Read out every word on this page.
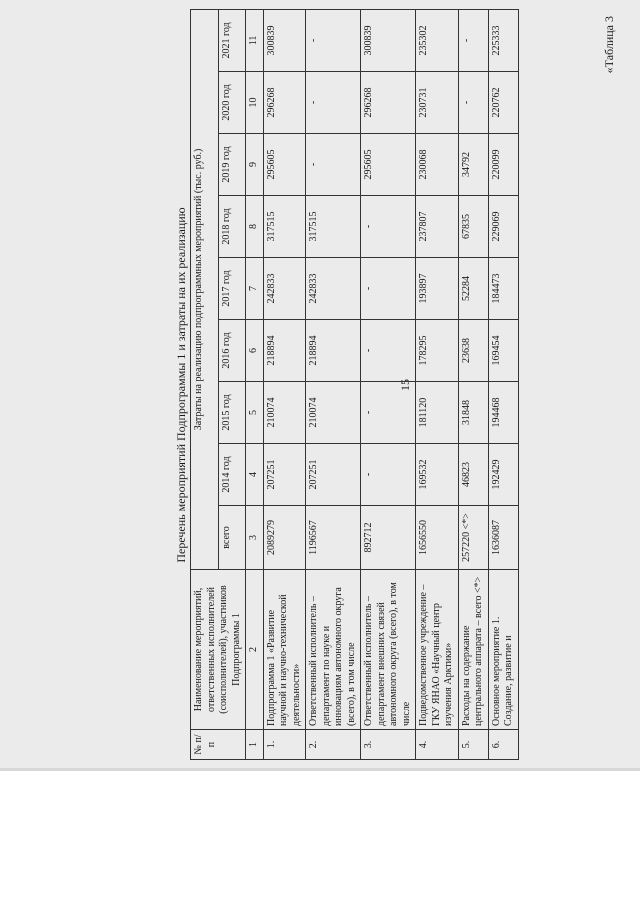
15
«Таблица 3
Перечень мероприятий Подпрограммы 1 и затраты на их реализацию
№ п/п	Наименование мероприятий, ответственных исполнителей (соисполнителей), участников Подпрограммы 1	Затраты на реализацию подпрограммных мероприятий (тыс. руб.)								
		всего	2014 год	2015 год	2016 год	2017 год	2018 год	2019 год	2020 год	2021 год
1	2	3	4	5	6	7	8	9	10	11
1.	Подпрограмма 1 «Развитие научной и научно-технической деятельности»	2089279	207251	210074	218894	242833	317515	295605	296268	300839
2.	Ответственный исполнитель – департамент по науке и инновациям автономного округа (всего), в том числе	1196567	207251	210074	218894	242833	317515	-	-	-
3.	Ответственный исполнитель – департамент внешних связей автономного округа (всего), в том числе	892712	-	-	-	-	-	295605	296268	300839
4.	Подведомственное учреждение – ГКУ ЯНАО «Научный центр изучения Арктики»	1656550	169532	181120	178295	193897	237807	230068	230731	235302
5.	Расходы на содержание центрального аппарата – всего <*>	257220 <*>	46823	31848	23638	52284	67835	34792	-	-
6.	Основное мероприятие 1. Создание, развитие и	1636087	192429	194468	169454	184473	229069	220099	220762	225333
